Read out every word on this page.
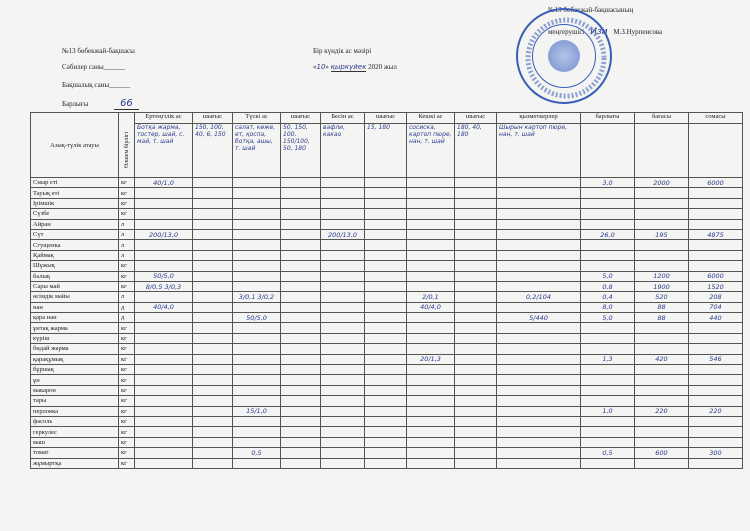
№13 бөбекжай-бақшасы
Сәбилер саны______
Бақшалық саны______
Барлығы	66
Бір күндік ас мәзірі
«10» қыркүйек 2020 жыл
№13 бөбекжай-бақшасының
меңгерушісі Изи М.З.Нурпеисова
Азық-түлік атауы	Өлшем бірлігі	Ертеңгілік ас	шығыс	Түскі ас	шығыс	Бесін ас	шығыс	Кешкі ас	шығыс	қызметкерлер	барлығы	бағасы	сомасы
		Ботқа жарма, тостер, шай, с. май, т. шай	150, 100, 40, 6, 150	салат, көже, ет, қоспа, ботқа, ашы, т. шай	50, 150, 100, 150/100, 50, 180	вафли, какао	15, 180	сосиска, картоп пюре, нан, т. шай	180, 40, 180	Шырын картоп пюре, нан, т. шай			
Сиыр еті	кг	40/1,0									3,0	2000	6000
Тауық еті	кг												
Ірімшік	кг												
Сүзбе	кг												
Айран	л												
Сүт	л	200/13,0				200/13,0					26,0	195	4875
Сгущенка	л												
Қаймақ	л												
Шұжық	кг												
балық	кг	50/5,0									5,0	1200	6000
Сары май	кг	8/0,5 3/0,3									0,8	1900	1520
өсімдік майы	л			3/0,1 3/0,2				2/0,1		0,2/104	0,4	520	208
нан	д	40/4,0						40/4,0			8,0	88	704
қара нан	д			50/5,0						5/440	5,0	88	440
ұнтақ жарма	кг												
күріш	кг												
бидай жарма	кг												
қарақұмық	кг							20/1,3			1,3	420	546
бұршақ	кг												
ұн	кг												
макарон	кг												
тары	кг												
перловка	кг			15/1,0							1,0	220	220
фасоль	кг												
геркулес	кг												
маш	кг												
томат	кг			0,5							0,5	600	300
жұмыртқа	кг												
